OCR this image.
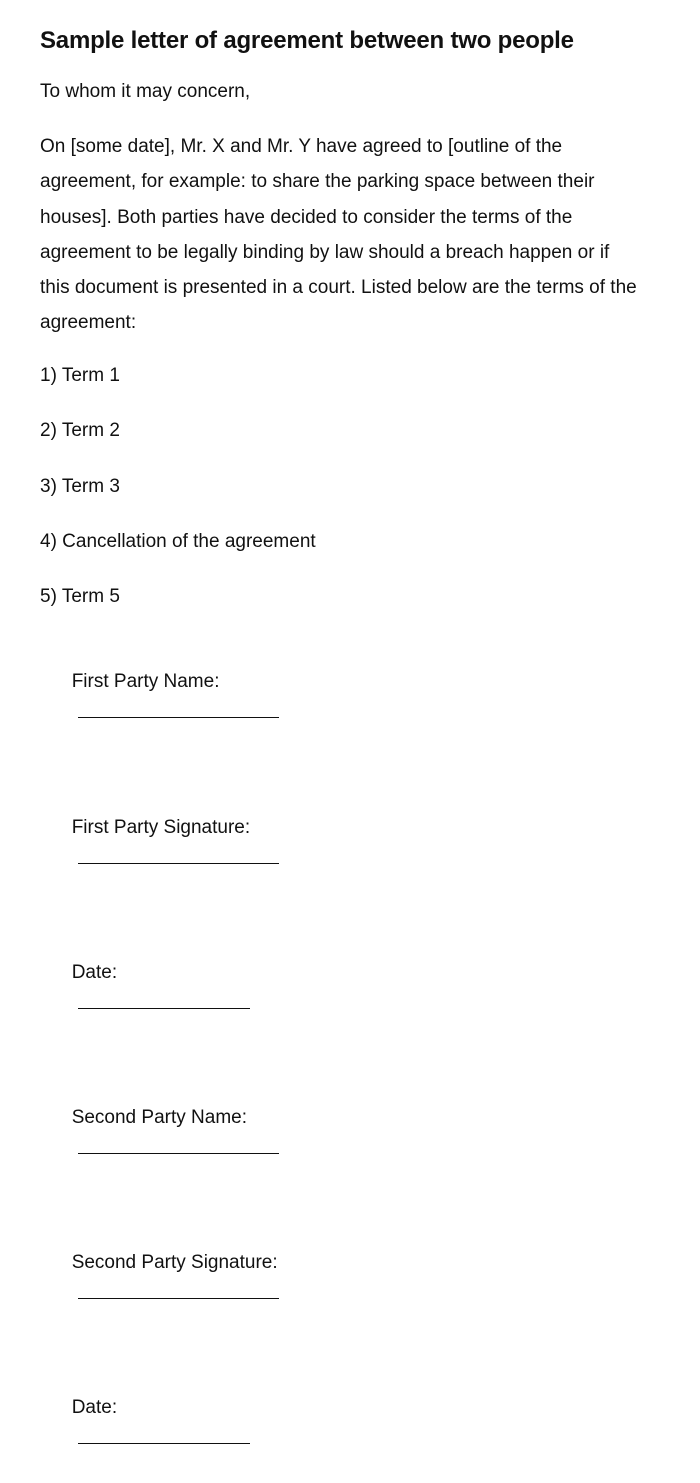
Sample letter of agreement between two people

To whom it may concern,

On [some date], Mr. X and Mr. Y have agreed to [outline of the agreement, for example: to share the parking space between their houses]. Both parties have decided to consider the terms of the agreement to be legally binding by law should a breach happen or if this document is presented in a court. Listed below are the terms of the agreement:

1) Term 1
2) Term 2
3) Term 3
4) Cancellation of the agreement
5) Term 5

First Party Name:

First Party Signature:

Date:

Second Party Name:

Second Party Signature:

Date:
